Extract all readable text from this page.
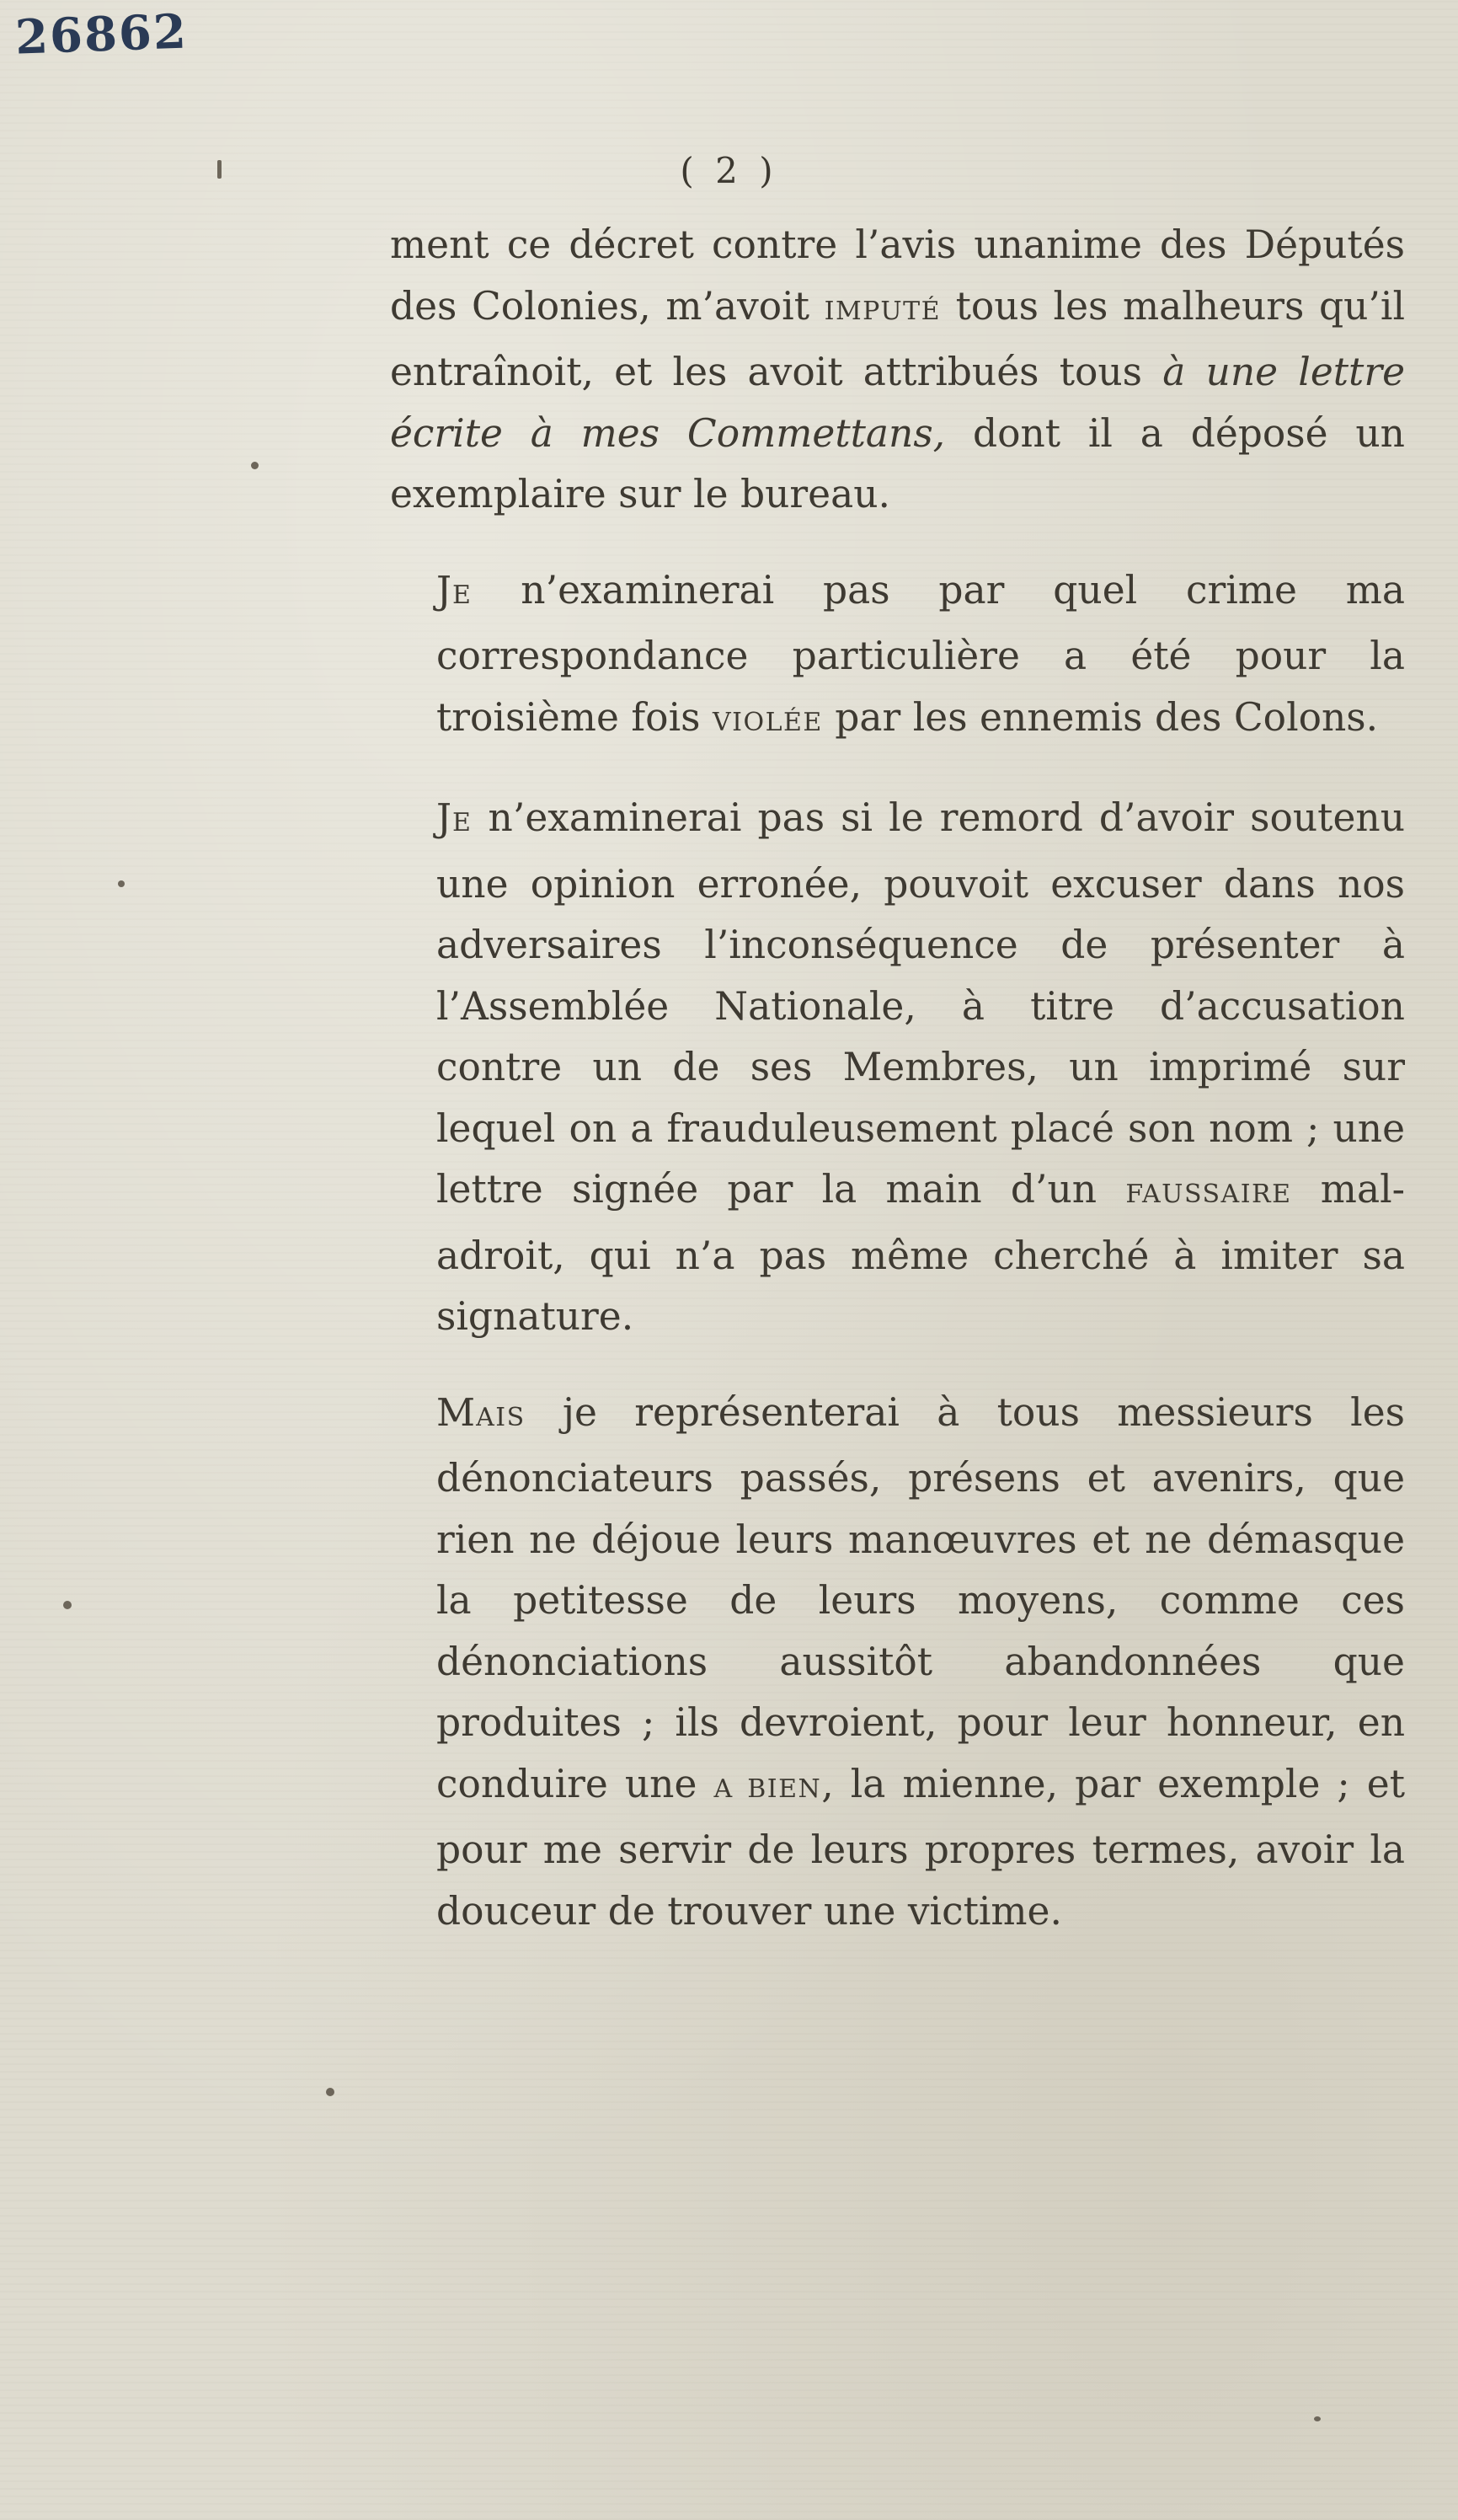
26862
( 2 )

ment ce décret contre l’avis unanime des Députés des Colonies, m’avoit IMPUTÉ tous les malheurs qu’il entraînoit, et les avoit attribués tous à une lettre écrite à mes Commettans, dont il a déposé un exemplaire sur le bureau.

JE n’examinerai pas par quel crime ma correspondance particulière a été pour la troisième fois VIOLÉE par les ennemis des Colons.

JE n’examinerai pas si le remord d’avoir soutenu une opinion erronée, pouvoit excuser dans nos adversaires l’inconséquence de présenter à l’Assemblée Nationale, à titre d’accusation contre un de ses Membres, un imprimé sur lequel on a frauduleusement placé son nom ; une lettre signée par la main d’un FAUSSAIRE mal-adroit, qui n’a pas même cherché à imiter sa signature.

MAIS je représenterai à tous messieurs les dénonciateurs passés, présens et avenirs, que rien ne déjoue leurs manœuvres et ne démasque la petitesse de leurs moyens, comme ces dénonciations aussitôt abandonnées que produites ; ils devroient, pour leur honneur, en conduire une A BIEN, la mienne, par exemple ; et pour me servir de leurs propres termes, avoir la douceur de trouver une victime.
